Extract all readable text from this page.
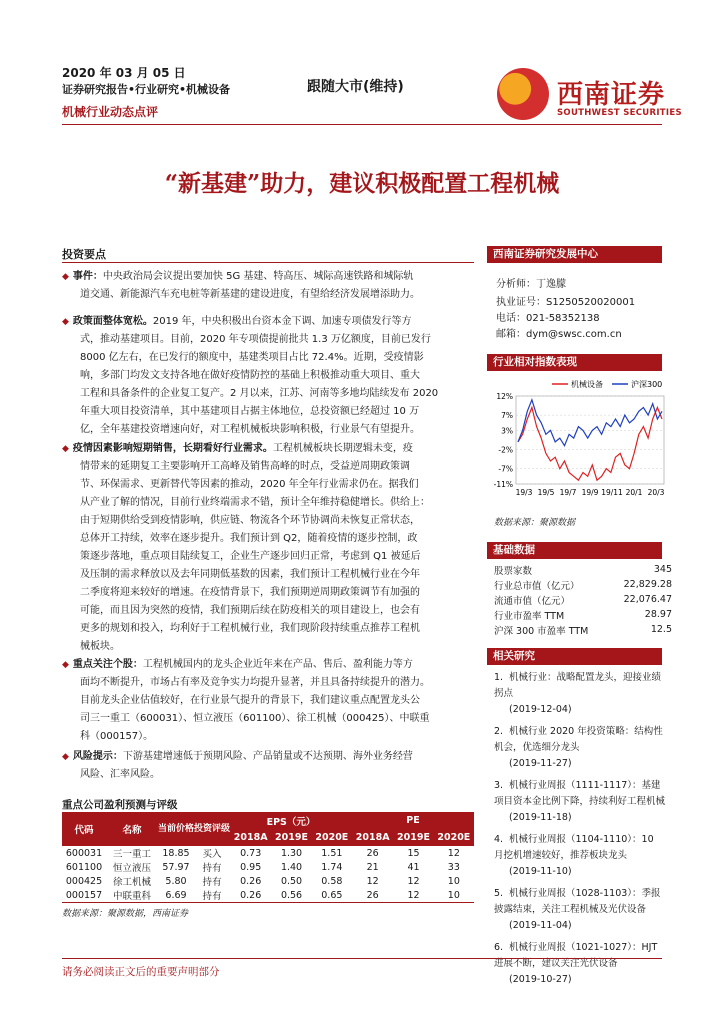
2020 年 03 月 05 日
证券研究报告•行业研究•机械设备
机械行业动态点评
跟随大市(维持)	西南证券
SOUTHWEST SECURITIES
“新基建”助力，建议积极配置工程机械
投资要点
◆ 事件：中央政治局会议提出要加快 5G 基建、特高压、城际高速铁路和城际轨
道交通、新能源汽车充电桩等新基建的建设进度，有望给经济发展增添助力。
◆ 政策面整体宽松。2019 年，中央积极出台资本金下调、加速专项债发行等方
式，推动基建项目。目前，2020 年专项债提前批共 1.3 万亿额度，目前已发行
8000 亿左右，在已发行的额度中，基建类项目占比 72.4%。近期，受疫情影
响，多部门均发文支持各地在做好疫情防控的基础上积极推动重大项目、重大
工程和具备条件的企业复工复产。2 月以来，江苏、河南等多地均陆续发布 2020
年重大项目投资清单，其中基建项目占据主体地位，总投资额已经超过 10 万
亿，全年基建投资增速向好，对工程机械板块影响积极，行业景气有望提升。
◆ 疫情因素影响短期销售，长期看好行业需求。工程机械板块长期逻辑未变，疫
情带来的延期复工主要影响开工高峰及销售高峰的时点，受益逆周期政策调
节、环保需求、更新替代等因素的推动，2020 年全年行业需求仍在。据我们
从产业了解的情况，目前行业终端需求不错，预计全年维持稳健增长。供给上：
由于短期供给受到疫情影响，供应链、物流各个环节协调尚未恢复正常状态，
总体开工持续，效率在逐步提升。我们预计到 Q2，随着疫情的逐步控制，政
策逐步落地，重点项目陆续复工，企业生产逐步回归正常，考虑到 Q1 被延后
及压制的需求释放以及去年同期低基数的因素，我们预计工程机械行业在今年
二季度将迎来较好的增速。在疫情背景下，我们预期逆周期政策调节有加强的
可能，而且因为突然的疫情，我们预期后续在防疫相关的项目建设上，也会有
更多的规划和投入，均利好于工程机械行业，我们现阶段持续重点推荐工程机
械板块。
◆ 重点关注个股：工程机械国内的龙头企业近年来在产品、售后、盈利能力等方
面均不断提升，市场占有率及竞争实力均提升显著，并且具备持续提升的潜力。
目前龙头企业估值较好，在行业景气提升的背景下，我们建议重点配置龙头公
司三一重工（600031）、恒立液压（601100）、徐工机械（000425）、中联重
科（000157）。
◆ 风险提示：下游基建增速低于预期风险、产品销量或不达预期、海外业务经营
风险、汇率风险。
重点公司盈利预测与评级
代码	名称	当前价格	投资评级	EPS（元）			PE		
				2018A	2019E	2020E	2018A	2019E	2020E
600031	三一重工	18.85	买入	0.73	1.30	1.51	26	15	12
601100	恒立液压	57.97	持有	0.95	1.40	1.74	21	41	33
000425	徐工机械	5.80	持有	0.26	0.50	0.58	12	12	10
000157	中联重科	6.69	持有	0.26	0.56	0.65	26	12	10
数据来源：聚源数据，西南证券
西南证券研究发展中心
分析师：丁逸朦
执业证号：S1250520020001
电话：021-58352138
邮箱：dym@swsc.com.cn
行业相对指数表现
机械设备	沪深300
12%
7%
3%
-2%
-7%
-11%
19/3 19/5 19/7 19/9 19/11 20/1 20/3
数据来源：聚源数据
基础数据
股票家数	345
行业总市值（亿元）	22,829.28
流通市值（亿元）	22,076.47
行业市盈率 TTM	28.97
沪深 300 市盈率 TTM	12.5
相关研究
1. 机械行业：战略配置龙头，迎接业绩拐点
(2019-12-04)
2. 机械行业 2020 年投资策略：结构性机会，优选细分龙头
(2019-11-27)
3. 机械行业周报（1111-1117）：基建项目资本金比例下降，持续利好工程机械
(2019-11-18)
4. 机械行业周报（1104-1110）：10 月挖机增速较好，推荐板块龙头
(2019-11-10)
5. 机械行业周报（1028-1103）：季报披露结束，关注工程机械及光伏设备
(2019-11-04)
6. 机械行业周报（1021-1027）：HJT 进展不断，建议关注光伏设备
(2019-10-27)
请务必阅读正文后的重要声明部分
